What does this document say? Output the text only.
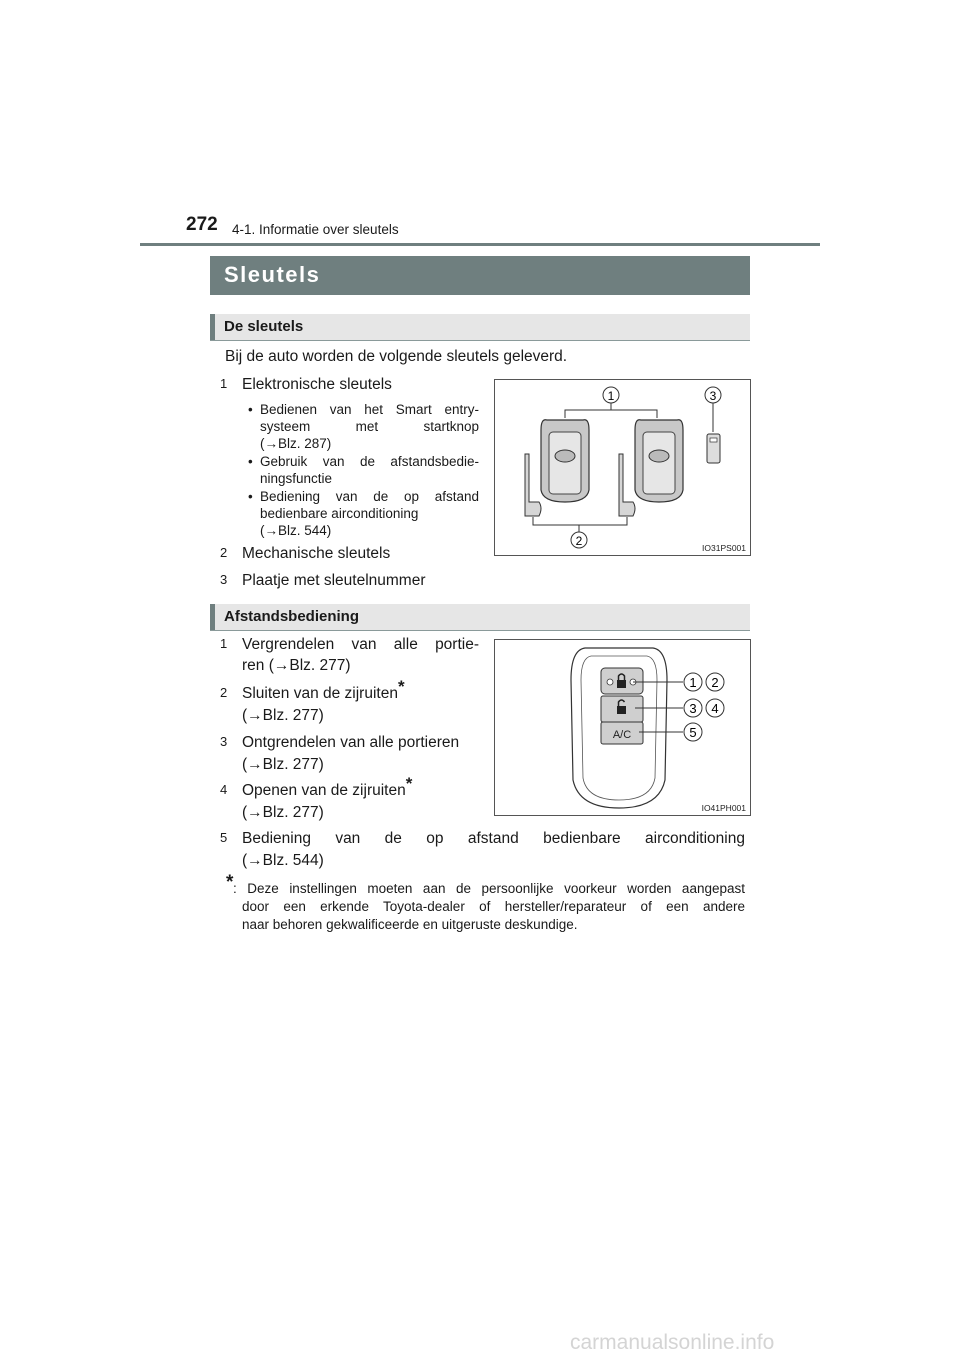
272 4-1. Informatie over sleutels
Sleutels
De sleutels
Bij de auto worden de volgende sleutels geleverd.
1 Elektronische sleutels
• Bedienen van het Smart entry-
systeem met startknop
(→Blz. 287)
• Gebruik van de afstandsbedie-
ningsfunctie
• Bediening van de op afstand
bedienbare airconditioning
(→Blz. 544)
2 Mechanische sleutels
3 Plaatje met sleutelnummer
1	3
2	IO31PS001
Afstandsbediening
1 Vergrendelen van alle portie-
ren (→Blz. 277)
2 Sluiten van de zijruiten*
(→Blz. 277)
3 Ontgrendelen van alle portieren
(→Blz. 277)
4 Openen van de zijruiten*
(→Blz. 277)
5 Bediening van de op afstand bedienbare airconditioning
(→Blz. 544)
A/C
1 2
3 4
5
IO41PH001
* : Deze instellingen moeten aan de persoonlijke voorkeur worden aangepast
door een erkende Toyota-dealer of hersteller/reparateur of een andere
naar behoren gekwalificeerde en uitgeruste deskundige.
carmanualsonline.info
